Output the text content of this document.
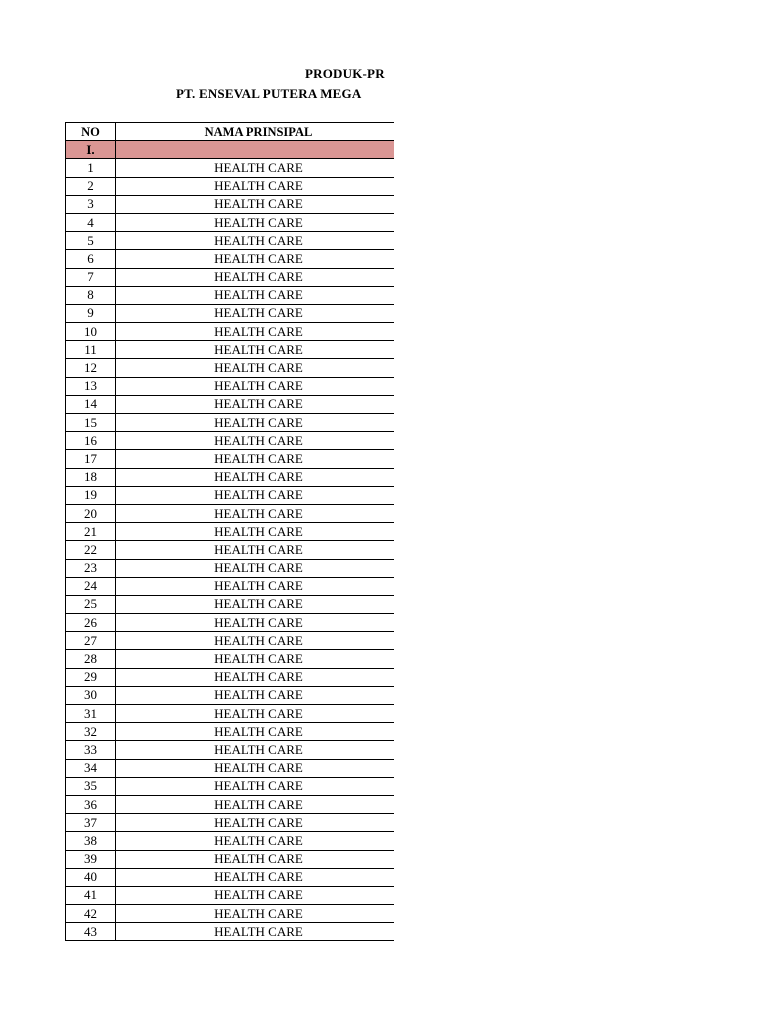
PRODUK-PR
PT. ENSEVAL PUTERA MEGA
NO	NAMA PRINSIPAL
I.	
1	HEALTH CARE
2	HEALTH CARE
3	HEALTH CARE
4	HEALTH CARE
5	HEALTH CARE
6	HEALTH CARE
7	HEALTH CARE
8	HEALTH CARE
9	HEALTH CARE
10	HEALTH CARE
11	HEALTH CARE
12	HEALTH CARE
13	HEALTH CARE
14	HEALTH CARE
15	HEALTH CARE
16	HEALTH CARE
17	HEALTH CARE
18	HEALTH CARE
19	HEALTH CARE
20	HEALTH CARE
21	HEALTH CARE
22	HEALTH CARE
23	HEALTH CARE
24	HEALTH CARE
25	HEALTH CARE
26	HEALTH CARE
27	HEALTH CARE
28	HEALTH CARE
29	HEALTH CARE
30	HEALTH CARE
31	HEALTH CARE
32	HEALTH CARE
33	HEALTH CARE
34	HEALTH CARE
35	HEALTH CARE
36	HEALTH CARE
37	HEALTH CARE
38	HEALTH CARE
39	HEALTH CARE
40	HEALTH CARE
41	HEALTH CARE
42	HEALTH CARE
43	HEALTH CARE
